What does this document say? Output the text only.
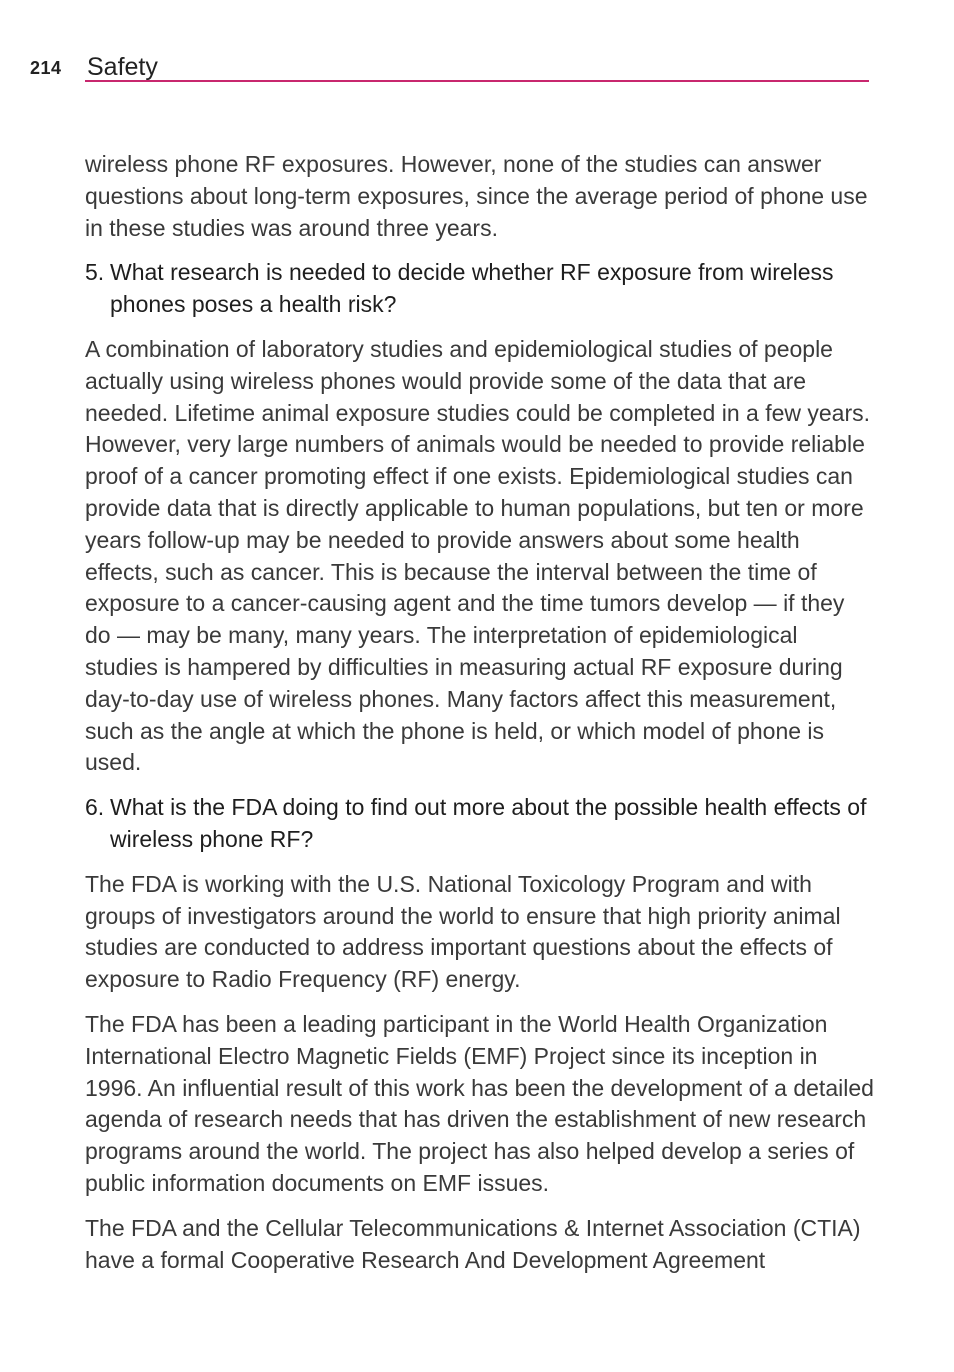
214 Safety

wireless phone RF exposures. However, none of the studies can answer questions about long-term exposures, since the average period of phone use in these studies was around three years.

5. What research is needed to decide whether RF exposure from wireless phones poses a health risk?

A combination of laboratory studies and epidemiological studies of people actually using wireless phones would provide some of the data that are needed. Lifetime animal exposure studies could be completed in a few years. However, very large numbers of animals would be needed to provide reliable proof of a cancer promoting effect if one exists. Epidemiological studies can provide data that is directly applicable to human populations, but ten or more years follow-up may be needed to provide answers about some health effects, such as cancer. This is because the interval between the time of exposure to a cancer-causing agent and the time tumors develop — if they do — may be many, many years. The interpretation of epidemiological studies is hampered by difficulties in measuring actual RF exposure during day-to-day use of wireless phones. Many factors affect this measurement, such as the angle at which the phone is held, or which model of phone is used.

6. What is the FDA doing to find out more about the possible health effects of wireless phone RF?

The FDA is working with the U.S. National Toxicology Program and with groups of investigators around the world to ensure that high priority animal studies are conducted to address important questions about the effects of exposure to Radio Frequency (RF) energy.

The FDA has been a leading participant in the World Health Organization International Electro Magnetic Fields (EMF) Project since its inception in 1996. An influential result of this work has been the development of a detailed agenda of research needs that has driven the establishment of new research programs around the world. The project has also helped develop a series of public information documents on EMF issues.

The FDA and the Cellular Telecommunications & Internet Association (CTIA) have a formal Cooperative Research And Development Agreement
